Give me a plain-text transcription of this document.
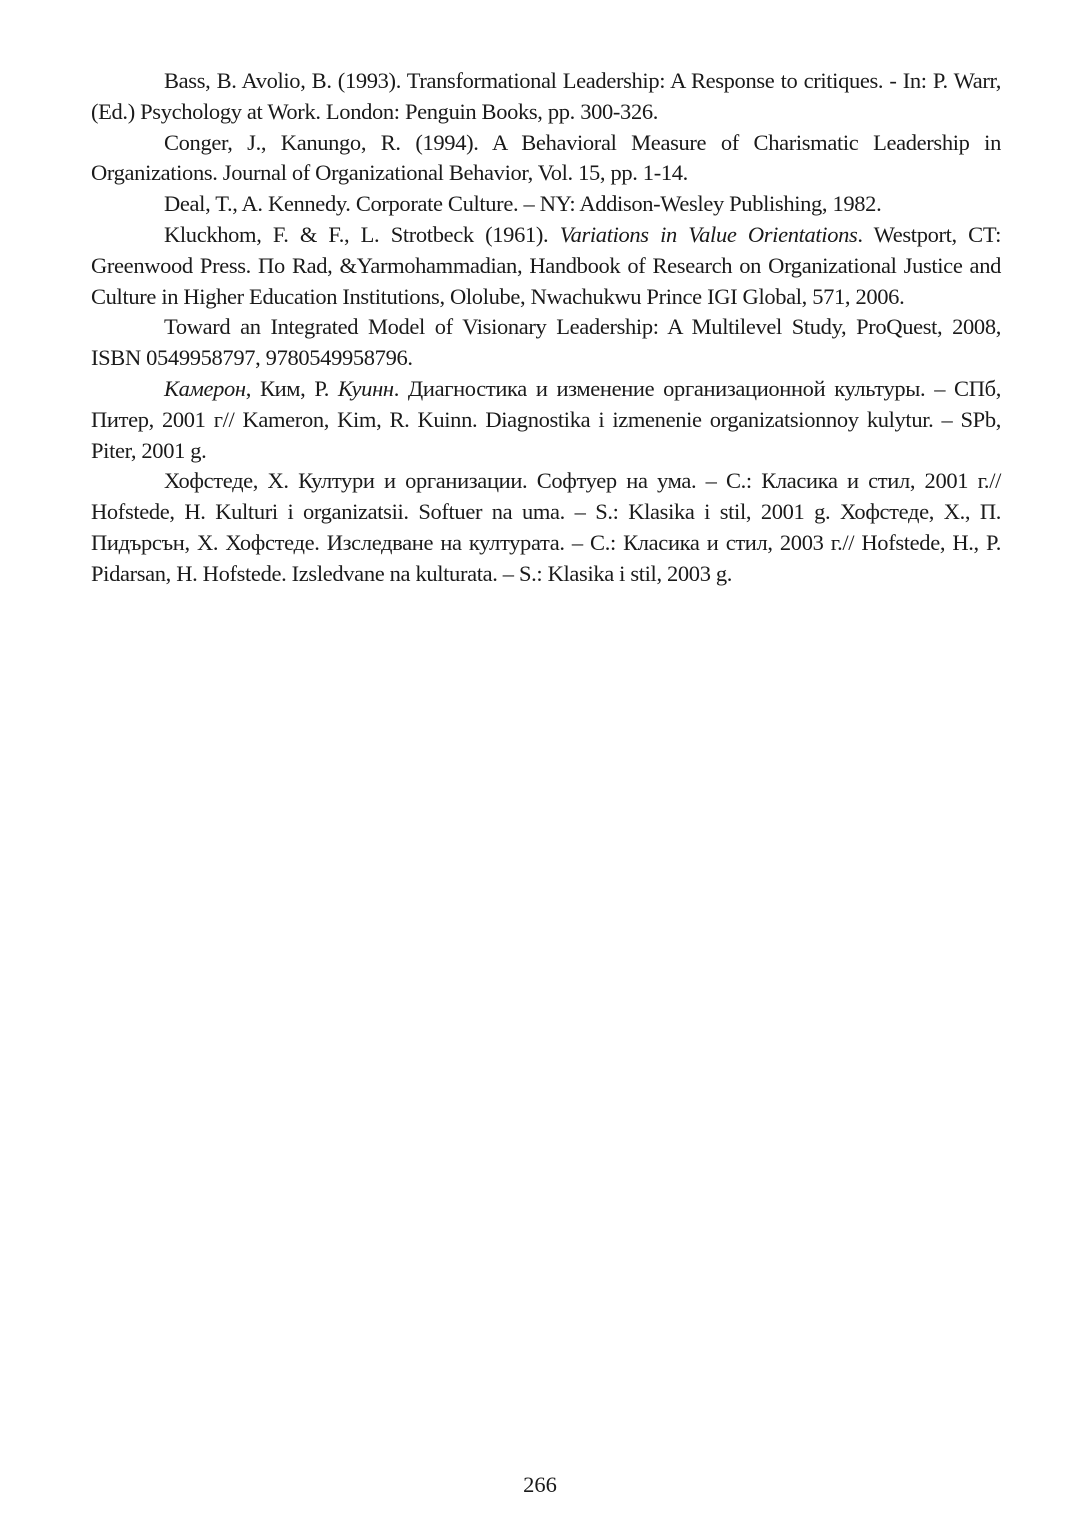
Bass, B. Avolio, B. (1993). Transformational Leadership: A Response to critiques. - In: P. Warr, (Ed.) Psychology at Work. London: Penguin Books, pp. 300-326.

Conger, J., Kanungo, R. (1994). A Behavioral Measure of Charismatic Leadership in Organizations. Journal of Organizational Behavior, Vol. 15, pp. 1-14.

Deal, T., A. Kennedy. Corporate Culture. – NY: Addison-Wesley Publishing, 1982.

Kluckhom, F. & F., L. Strotbeck (1961). Variations in Value Orientations. Westport, CT: Greenwood Press. По Rad, &Yarmohammadian, Handbook of Research on Organizational Justice and Culture in Higher Education Institutions, Ololube, Nwachukwu Prince IGI Global, 571, 2006.

Toward an Integrated Model of Visionary Leadership: A Multilevel Study, ProQuest, 2008, ISBN 0549958797, 9780549958796.

Камерон, Ким, Р. Куинн. Диагностика и изменение организационной культуры. – СПб, Питер, 2001 г// Kameron, Kim, R. Kuinn. Diagnostika i izmenenie organizatsionnoy kulytur. – SPb, Piter, 2001 g.

Хофстеде, Х. Култури и организации. Софтуер на ума. – С.: Класика и стил, 2001 г.// Hofstede, H. Kulturi i organizatsii. Softuer na uma. – S.: Klasika i stil, 2001 g. Хофстеде, Х., П. Пидърсън, Х. Хофстеде. Изследване на културата. – С.: Класика и стил, 2003 г.// Hofstede, H., P. Pidarsan, H. Hofstede. Izsledvane na kulturata. – S.: Klasika i stil, 2003 g.

266
